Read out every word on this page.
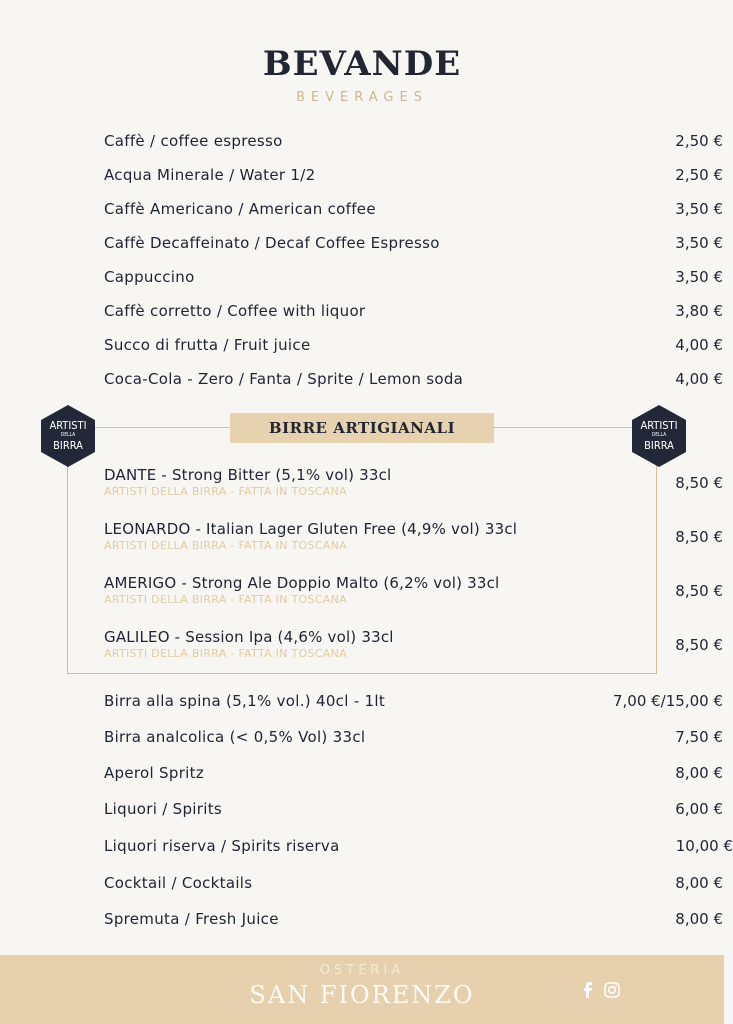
BEVANDE
BEVERAGES
Caffè / coffee espresso	2,50 €
Acqua Minerale / Water 1/2	2,50 €
Caffè Americano / American coffee	3,50 €
Caffè Decaffeinato / Decaf Coffee Espresso	3,50 €
Cappuccino	3,50 €
Caffè corretto / Coffee with liquor	3,80 €
Succo di frutta / Fruit juice	4,00 €
Coca-Cola - Zero / Fanta / Sprite / Lemon soda	4,00 €
BIRRE ARTIGIANALI
ARTISTI
DELLA
BIRRA
ARTISTI
DELLA
BIRRA
DANTE - Strong Bitter (5,1% vol) 33cl
ARTISTI DELLA BIRRA - FATTA IN TOSCANA	8,50 €
LEONARDO - Italian Lager Gluten Free (4,9% vol) 33cl
ARTISTI DELLA BIRRA - FATTA IN TOSCANA	8,50 €
AMERIGO - Strong Ale Doppio Malto (6,2% vol) 33cl
ARTISTI DELLA BIRRA - FATTA IN TOSCANA	8,50 €
GALILEO - Session Ipa (4,6% vol) 33cl
ARTISTI DELLA BIRRA - FATTA IN TOSCANA	8,50 €
Birra alla spina (5,1% vol.) 40cl - 1lt	7,00 €/15,00 €
Birra analcolica (< 0,5% Vol) 33cl	7,50 €
Aperol Spritz	8,00 €
Liquori / Spirits	6,00 €
Liquori riserva / Spirits riserva	10,00 €
Cocktail / Cocktails	8,00 €
Spremuta / Fresh Juice	8,00 €
OSTERIA
SAN FIORENZO
